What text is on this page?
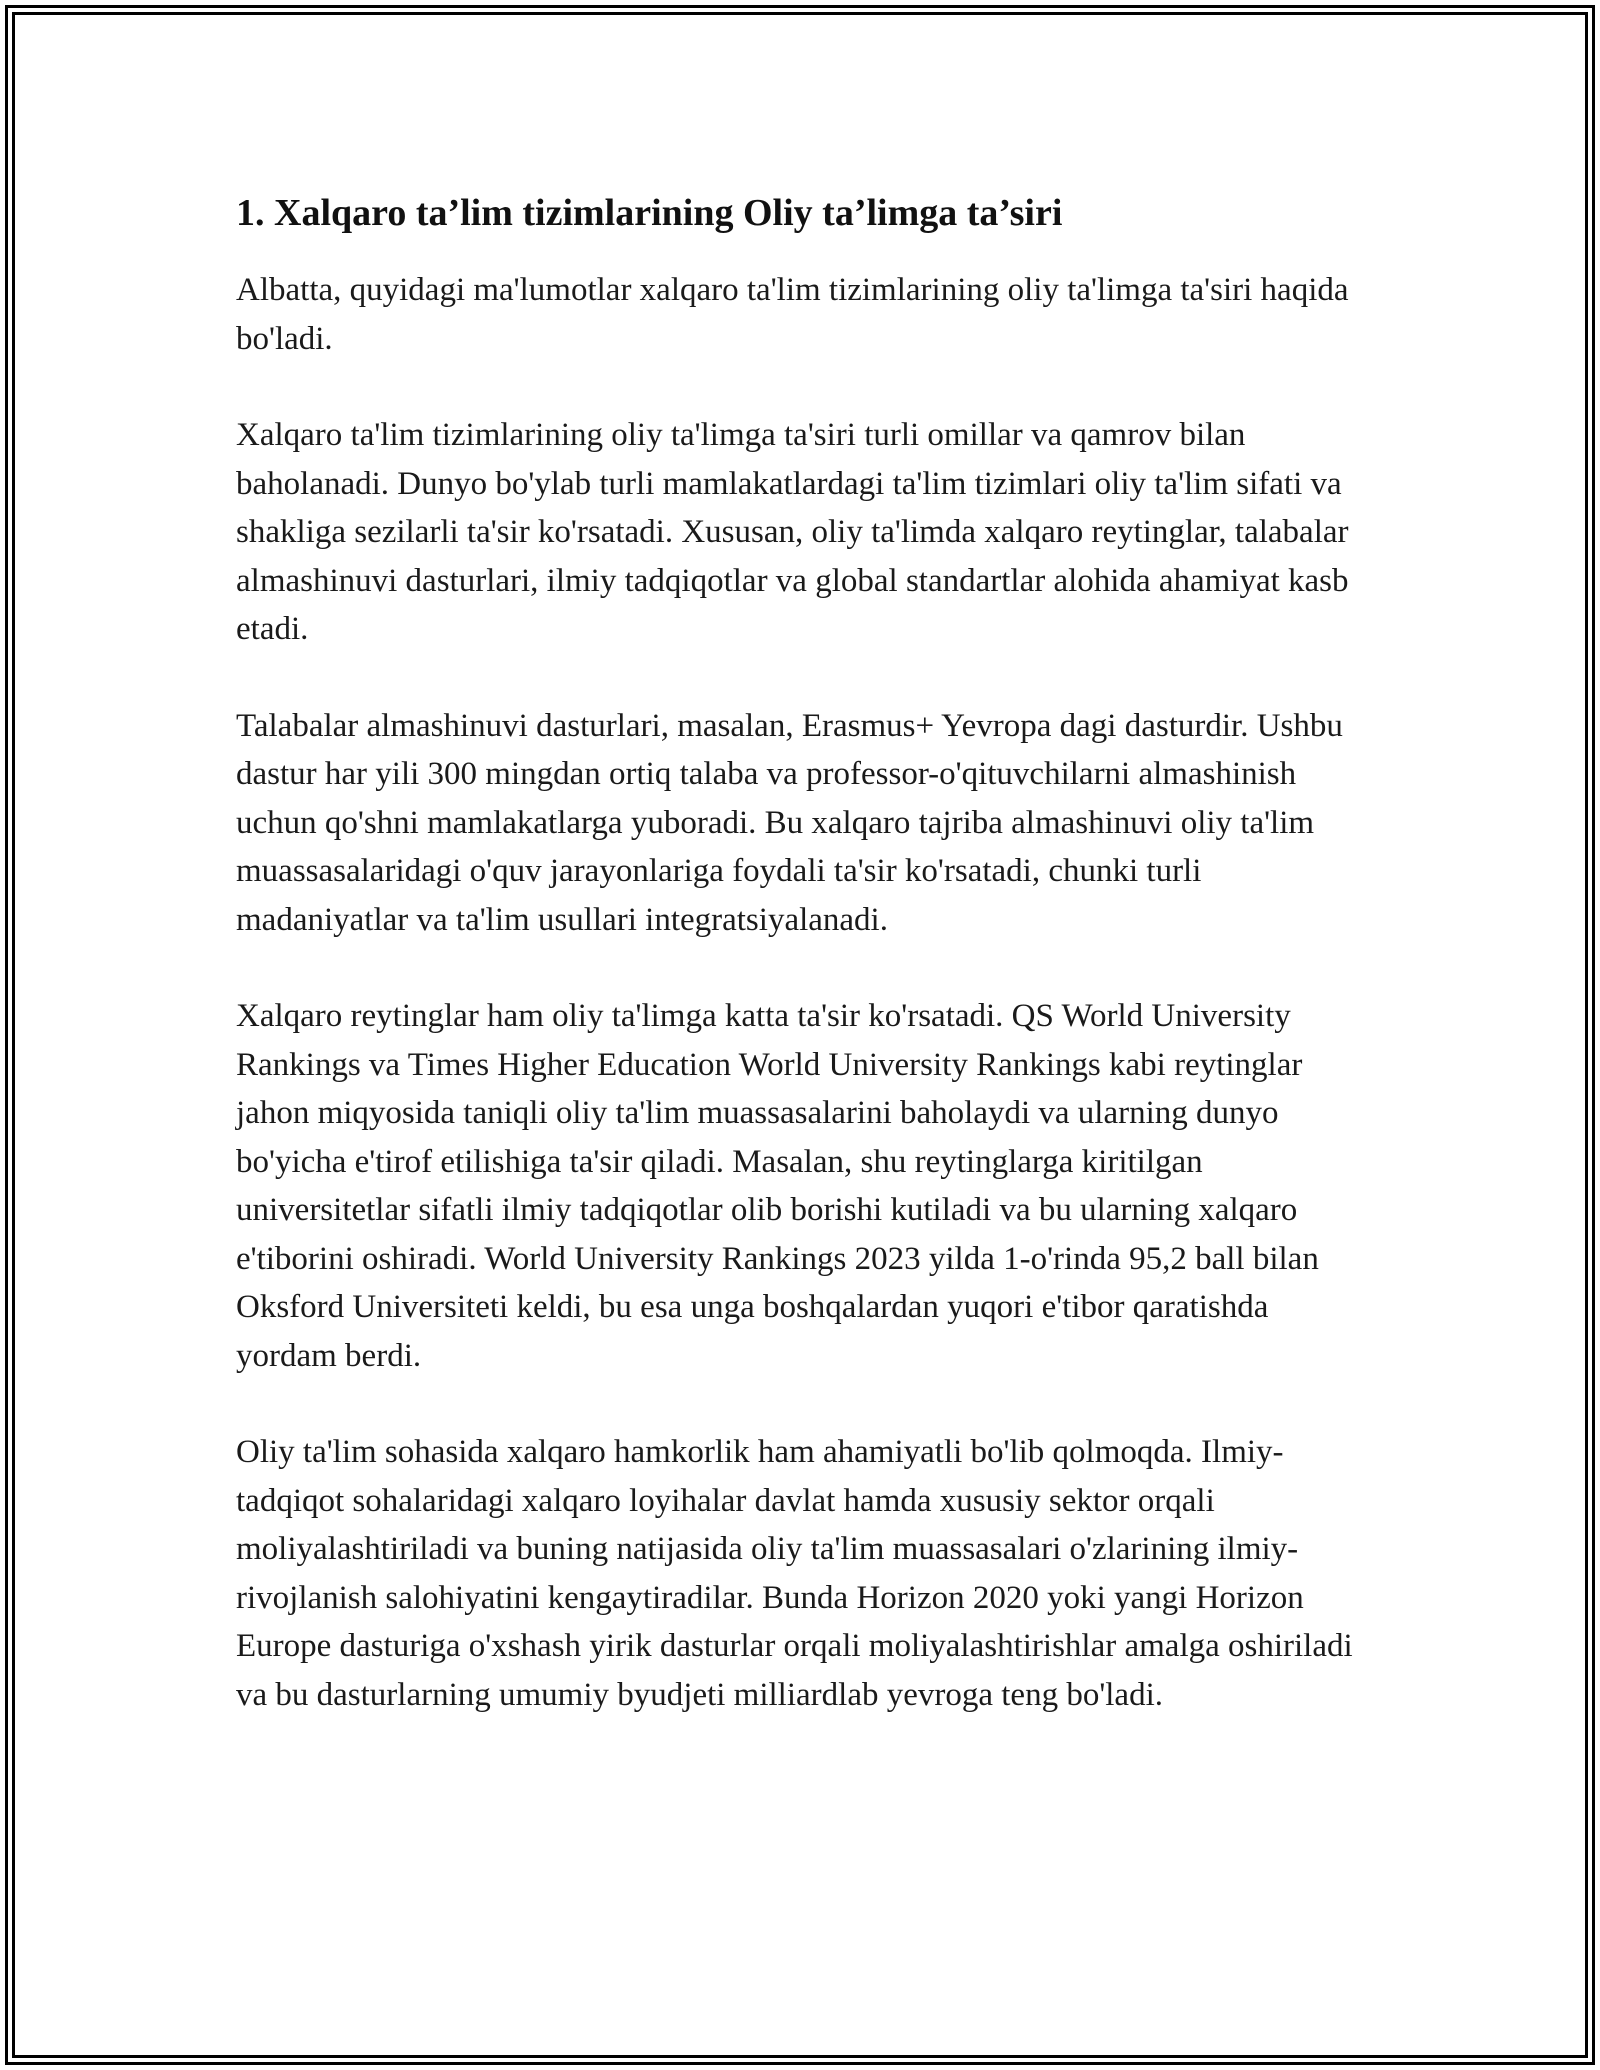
1. Xalqaro ta’lim tizimlarining Oliy ta’limga ta’siri

Albatta, quyidagi ma'lumotlar xalqaro ta'lim tizimlarining oliy ta'limga ta'siri haqida bo'ladi.

Xalqaro ta'lim tizimlarining oliy ta'limga ta'siri turli omillar va qamrov bilan baholanadi. Dunyo bo'ylab turli mamlakatlardagi ta'lim tizimlari oliy ta'lim sifati va shakliga sezilarli ta'sir ko'rsatadi. Xususan, oliy ta'limda xalqaro reytinglar, talabalar almashinuvi dasturlari, ilmiy tadqiqotlar va global standartlar alohida ahamiyat kasb etadi.

Talabalar almashinuvi dasturlari, masalan, Erasmus+ Yevropa dagi dasturdir. Ushbu dastur har yili 300 mingdan ortiq talaba va professor-o'qituvchilarni almashinish uchun qo'shni mamlakatlarga yuboradi. Bu xalqaro tajriba almashinuvi oliy ta'lim muassasalaridagi o'quv jarayonlariga foydali ta'sir ko'rsatadi, chunki turli madaniyatlar va ta'lim usullari integratsiyalanadi.

Xalqaro reytinglar ham oliy ta'limga katta ta'sir ko'rsatadi. QS World University Rankings va Times Higher Education World University Rankings kabi reytinglar jahon miqyosida taniqli oliy ta'lim muassasalarini baholaydi va ularning dunyo bo'yicha e'tirof etilishiga ta'sir qiladi. Masalan, shu reytinglarga kiritilgan universitetlar sifatli ilmiy tadqiqotlar olib borishi kutiladi va bu ularning xalqaro e'tiborini oshiradi. World University Rankings 2023 yilda 1-o'rinda 95,2 ball bilan Oksford Universiteti keldi, bu esa unga boshqalardan yuqori e'tibor qaratishda yordam berdi.

Oliy ta'lim sohasida xalqaro hamkorlik ham ahamiyatli bo'lib qolmoqda. Ilmiy-tadqiqot sohalaridagi xalqaro loyihalar davlat hamda xususiy sektor orqali moliyalashtiriladi va buning natijasida oliy ta'lim muassasalari o'zlarining ilmiy-rivojlanish salohiyatini kengaytiradilar. Bunda Horizon 2020 yoki yangi Horizon Europe dasturiga o'xshash yirik dasturlar orqali moliyalashtirishlar amalga oshiriladi va bu dasturlarning umumiy byudjeti milliardlab yevroga teng bo'ladi.
